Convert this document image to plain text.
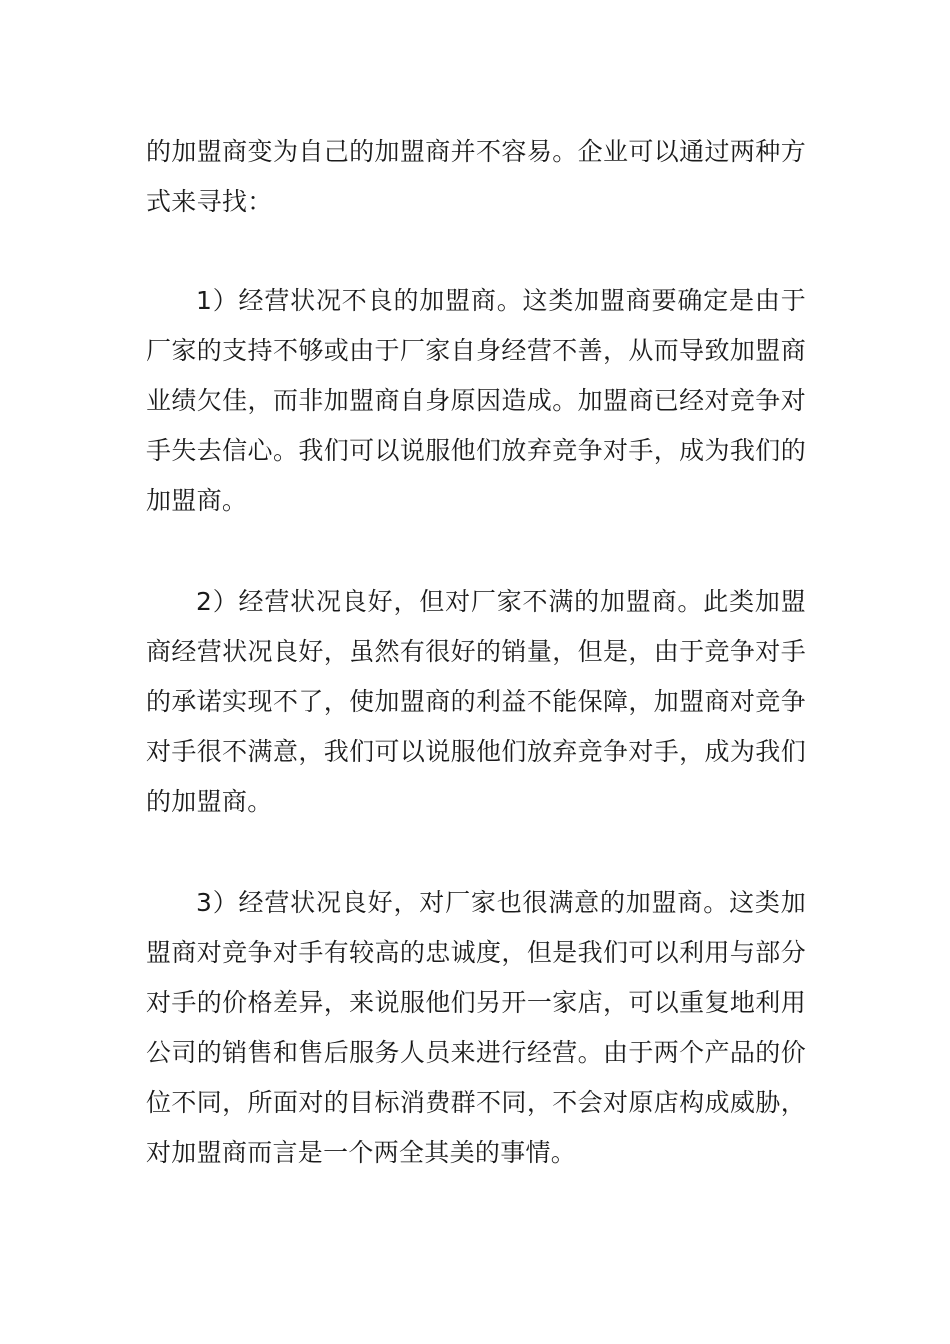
的加盟商变为自己的加盟商并不容易。企业可以通过两种方式来寻找：

1）经营状况不良的加盟商。这类加盟商要确定是由于厂家的支持不够或由于厂家自身经营不善，从而导致加盟商业绩欠佳，而非加盟商自身原因造成。加盟商已经对竞争对手失去信心。我们可以说服他们放弃竞争对手，成为我们的加盟商。

2）经营状况良好，但对厂家不满的加盟商。此类加盟商经营状况良好，虽然有很好的销量，但是，由于竞争对手的承诺实现不了，使加盟商的利益不能保障，加盟商对竞争对手很不满意，我们可以说服他们放弃竞争对手，成为我们的加盟商。

3）经营状况良好，对厂家也很满意的加盟商。这类加盟商对竞争对手有较高的忠诚度，但是我们可以利用与部分对手的价格差异，来说服他们另开一家店，可以重复地利用公司的销售和售后服务人员来进行经营。由于两个产品的价位不同，所面对的目标消费群不同，不会对原店构成威胁，对加盟商而言是一个两全其美的事情。
